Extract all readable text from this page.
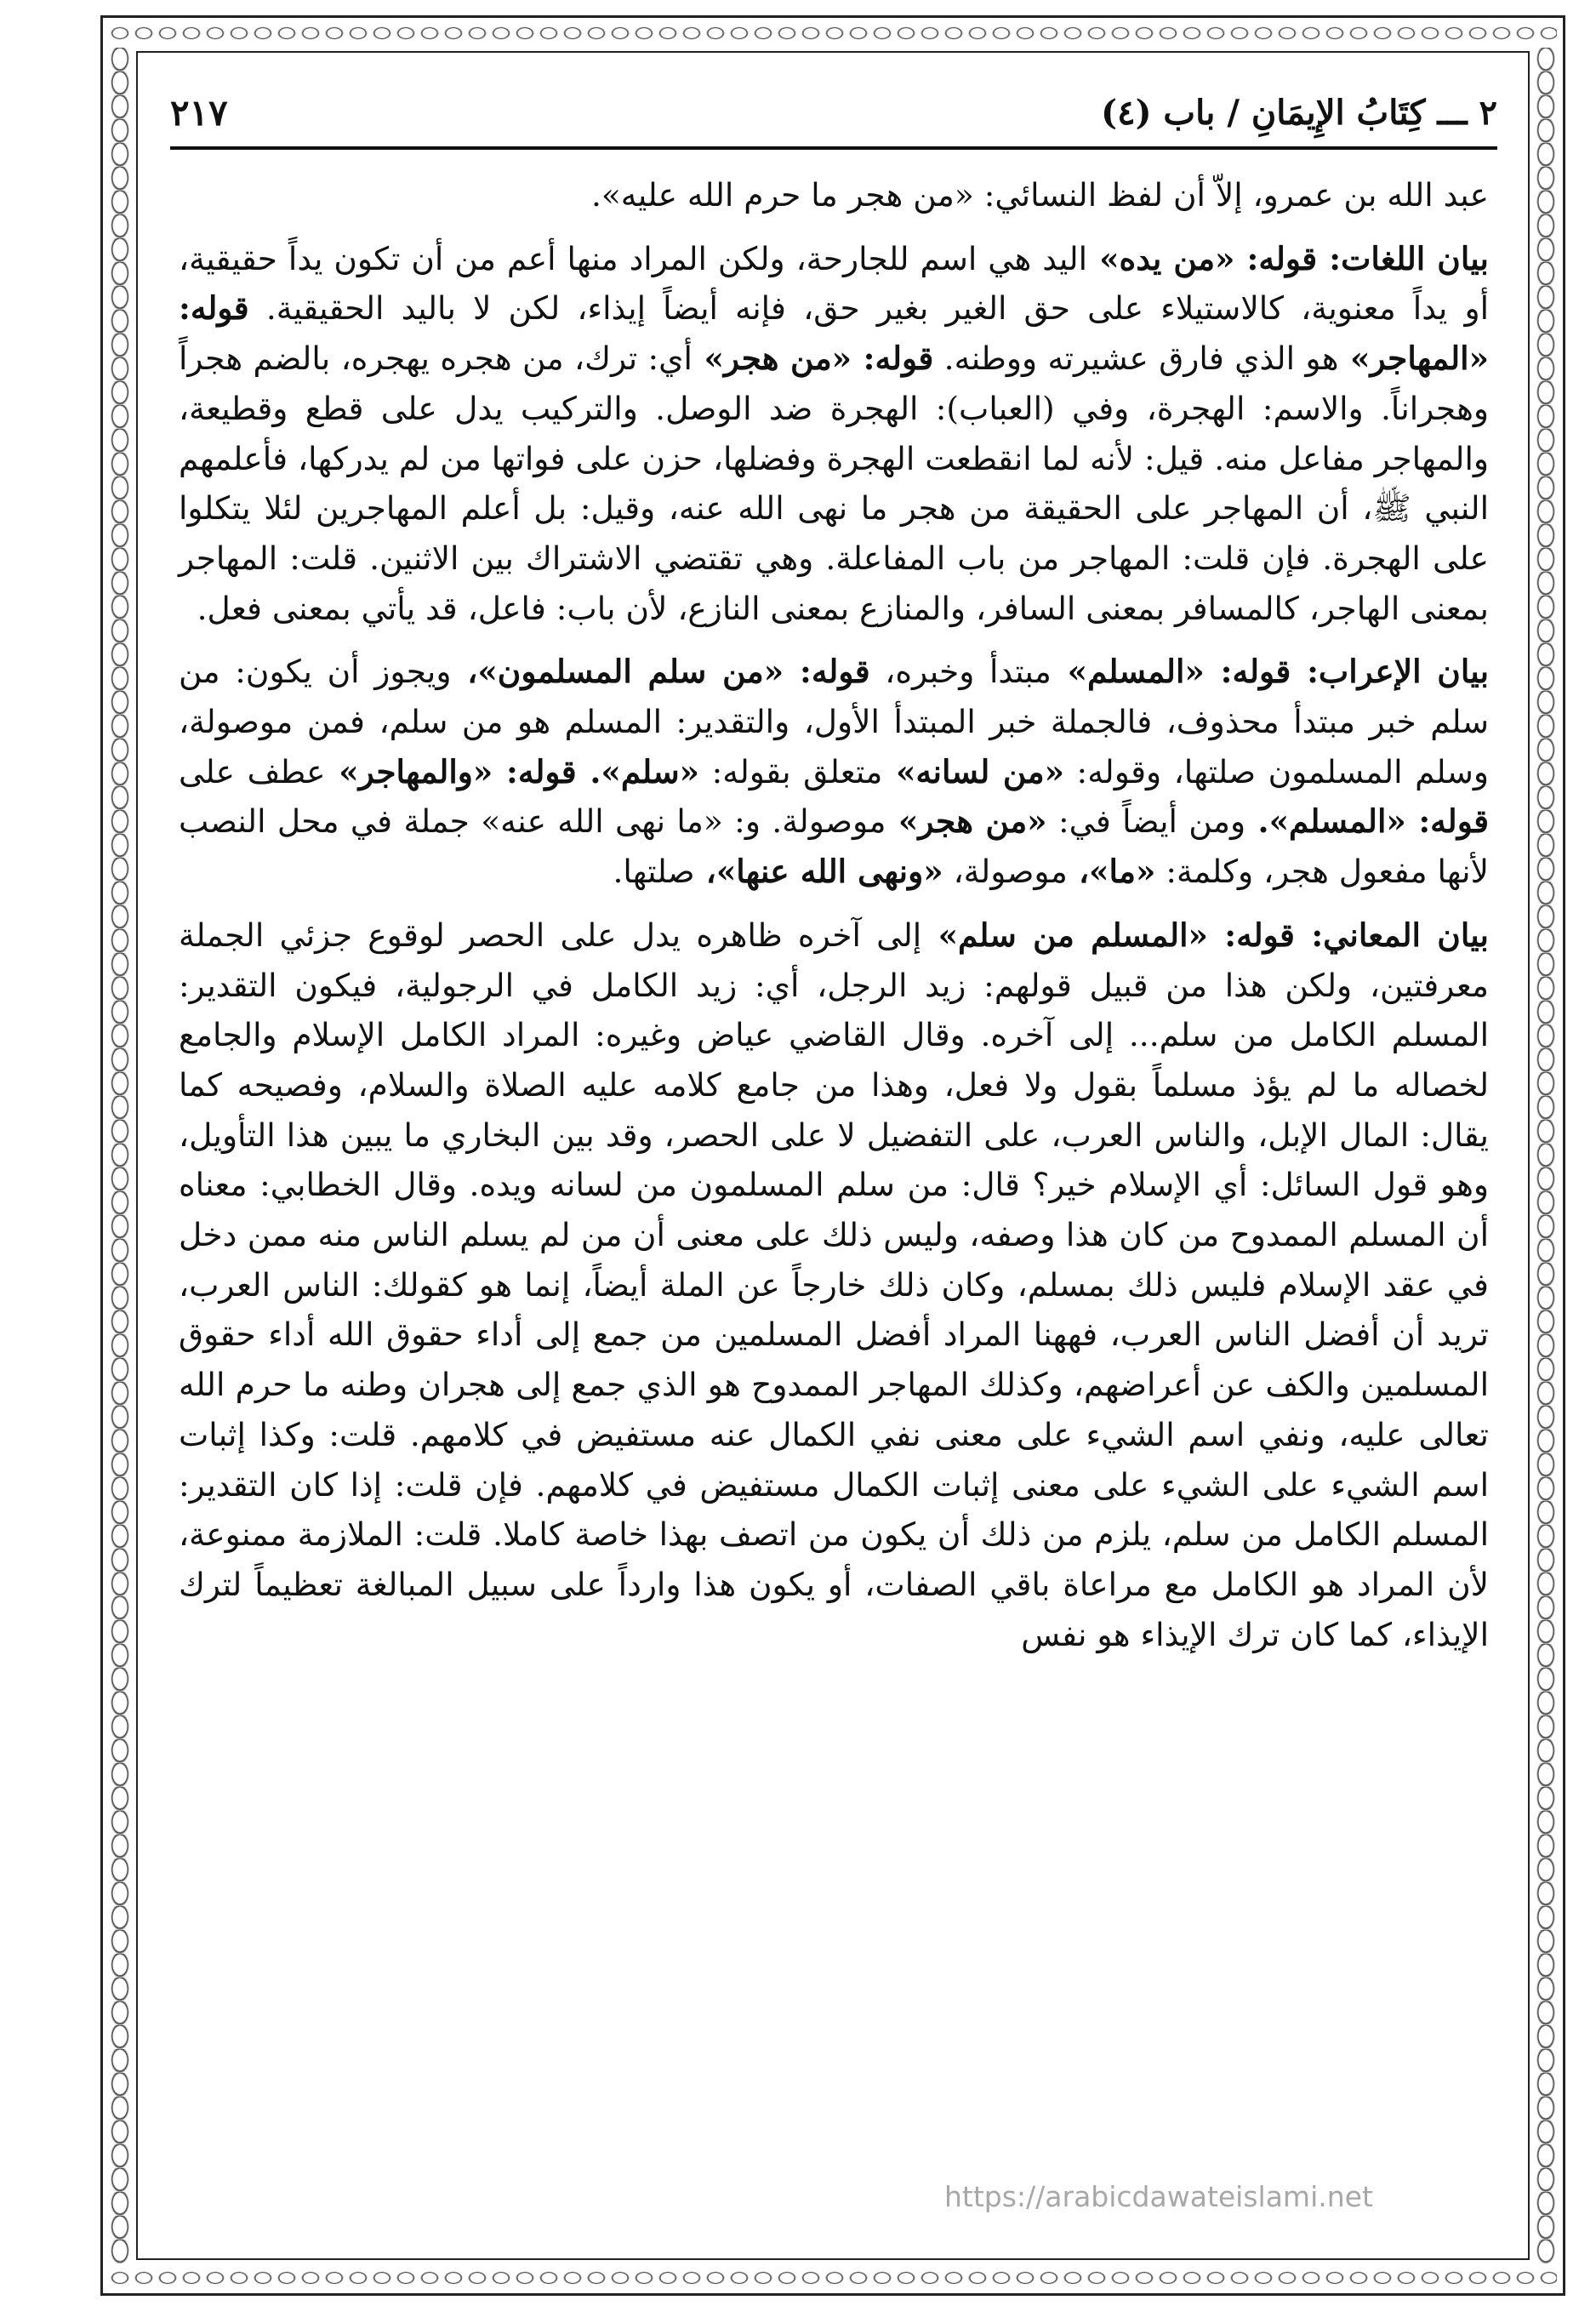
٢ ـــ كِتَابُ الإِيمَانِ / باب (٤)
٢١٧

عبد الله بن عمرو، إلاّ أن لفظ النسائي: «من هجر ما حرم الله عليه».

بيان اللغات: قوله: «من يده» اليد هي اسم للجارحة، ولكن المراد منها أعم من أن تكون يداً حقيقية، أو يداً معنوية، كالاستيلاء على حق الغير بغير حق، فإنه أيضاً إيذاء، لكن لا باليد الحقيقية. قوله: «المهاجر» هو الذي فارق عشيرته ووطنه. قوله: «من هجر» أي: ترك، من هجره يهجره، بالضم هجراً وهجراناً. والاسم: الهجرة، وفي (العباب): الهجرة ضد الوصل. والتركيب يدل على قطع وقطيعة، والمهاجر مفاعل منه. قيل: لأنه لما انقطعت الهجرة وفضلها، حزن على فواتها من لم يدركها، فأعلمهم النبي ﷺ، أن المهاجر على الحقيقة من هجر ما نهى الله عنه، وقيل: بل أعلم المهاجرين لئلا يتكلوا على الهجرة. فإن قلت: المهاجر من باب المفاعلة. وهي تقتضي الاشتراك بين الاثنين. قلت: المهاجر بمعنى الهاجر، كالمسافر بمعنى السافر، والمنازع بمعنى النازع، لأن باب: فاعل، قد يأتي بمعنى فعل.

بيان الإعراب: قوله: «المسلم» مبتدأ وخبره، قوله: «من سلم المسلمون»، ويجوز أن يكون: من سلم خبر مبتدأ محذوف، فالجملة خبر المبتدأ الأول، والتقدير: المسلم هو من سلم، فمن موصولة، وسلم المسلمون صلتها، وقوله: «من لسانه» متعلق بقوله: «سلم». قوله: «والمهاجر» عطف على قوله: «المسلم». ومن أيضاً في: «من هجر» موصولة. و: «ما نهى الله عنه» جملة في محل النصب لأنها مفعول هجر، وكلمة: «ما»، موصولة، «ونهى الله عنها»، صلتها.

بيان المعاني: قوله: «المسلم من سلم» إلى آخره ظاهره يدل على الحصر لوقوع جزئي الجملة معرفتين، ولكن هذا من قبيل قولهم: زيد الرجل، أي: زيد الكامل في الرجولية، فيكون التقدير: المسلم الكامل من سلم... إلى آخره. وقال القاضي عياض وغيره: المراد الكامل الإسلام والجامع لخصاله ما لم يؤذ مسلماً بقول ولا فعل، وهذا من جامع كلامه عليه الصلاة والسلام، وفصيحه كما يقال: المال الإبل، والناس العرب، على التفضيل لا على الحصر، وقد بين البخاري ما يبين هذا التأويل، وهو قول السائل: أي الإسلام خير؟ قال: من سلم المسلمون من لسانه ويده. وقال الخطابي: معناه أن المسلم الممدوح من كان هذا وصفه، وليس ذلك على معنى أن من لم يسلم الناس منه ممن دخل في عقد الإسلام فليس ذلك بمسلم، وكان ذلك خارجاً عن الملة أيضاً، إنما هو كقولك: الناس العرب، تريد أن أفضل الناس العرب، فههنا المراد أفضل المسلمين من جمع إلى أداء حقوق الله أداء حقوق المسلمين والكف عن أعراضهم، وكذلك المهاجر الممدوح هو الذي جمع إلى هجران وطنه ما حرم الله تعالى عليه، ونفي اسم الشيء على معنى نفي الكمال عنه مستفيض في كلامهم. قلت: وكذا إثبات اسم الشيء على الشيء على معنى إثبات الكمال مستفيض في كلامهم. فإن قلت: إذا كان التقدير: المسلم الكامل من سلم، يلزم من ذلك أن يكون من اتصف بهذا خاصة كاملا. قلت: الملازمة ممنوعة، لأن المراد هو الكامل مع مراعاة باقي الصفات، أو يكون هذا وارداً على سبيل المبالغة تعظيماً لترك الإيذاء، كما كان ترك الإيذاء هو نفس

https://arabicdawateislami.net
